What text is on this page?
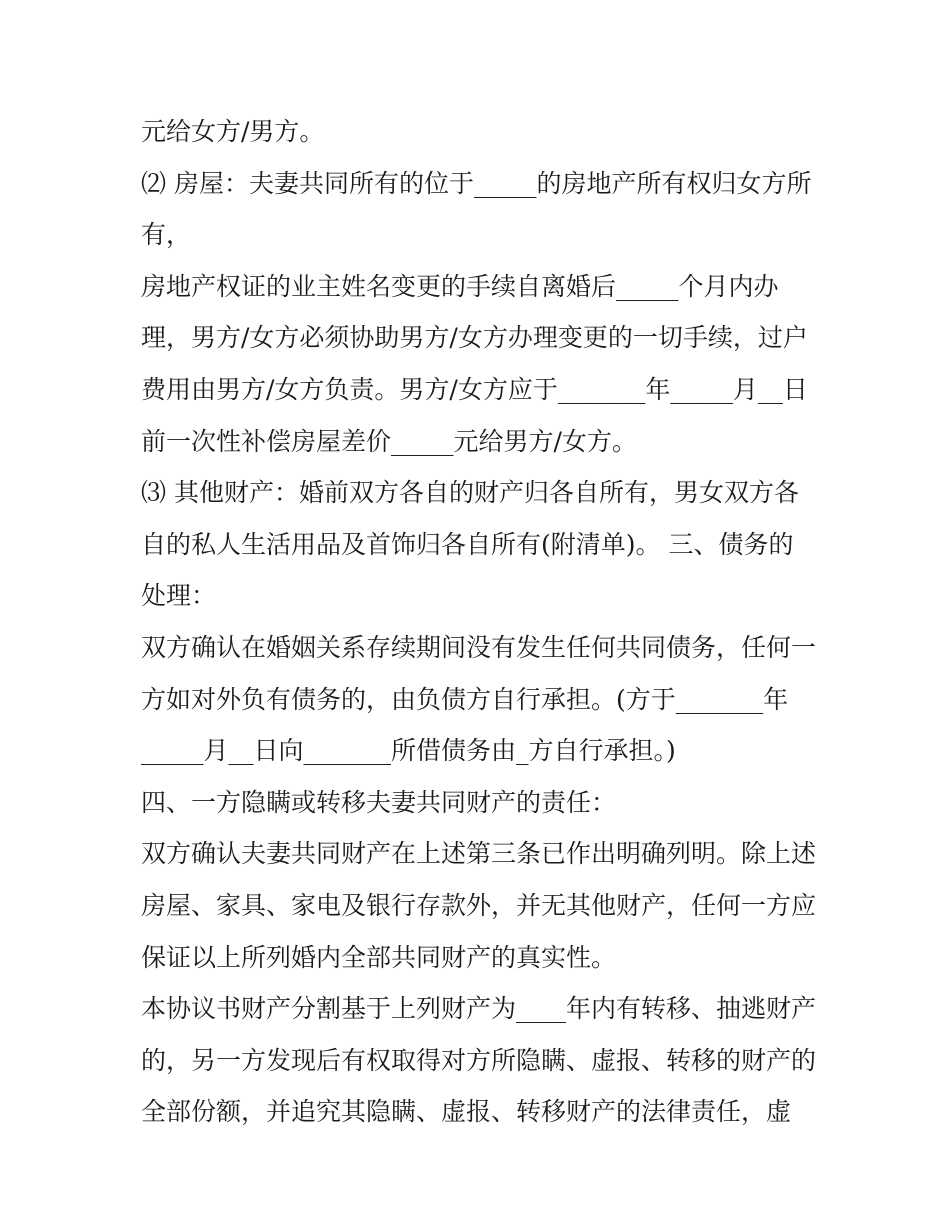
元给女方/男方。
⑵ 房屋：夫妻共同所有的位于_____的房地产所有权归女方所
有，
房地产权证的业主姓名变更的手续自离婚后_____个月内办
理，男方/女方必须协助男方/女方办理变更的一切手续，过户
费用由男方/女方负责。男方/女方应于_______年_____月__日
前一次性补偿房屋差价_____元给男方/女方。
⑶ 其他财产：婚前双方各自的财产归各自所有，男女双方各
自的私人生活用品及首饰归各自所有(附清单)。 三、债务的
处理：
双方确认在婚姻关系存续期间没有发生任何共同债务，任何一
方如对外负有债务的，由负债方自行承担。(方于_______年
_____月__日向_______所借债务由_方自行承担。)
四、一方隐瞒或转移夫妻共同财产的责任：
双方确认夫妻共同财产在上述第三条已作出明确列明。除上述
房屋、家具、家电及银行存款外，并无其他财产，任何一方应
保证以上所列婚内全部共同财产的真实性。
本协议书财产分割基于上列财产为____年内有转移、抽逃财产
的，另一方发现后有权取得对方所隐瞒、虚报、转移的财产的
全部份额，并追究其隐瞒、虚报、转移财产的法律责任，虚
